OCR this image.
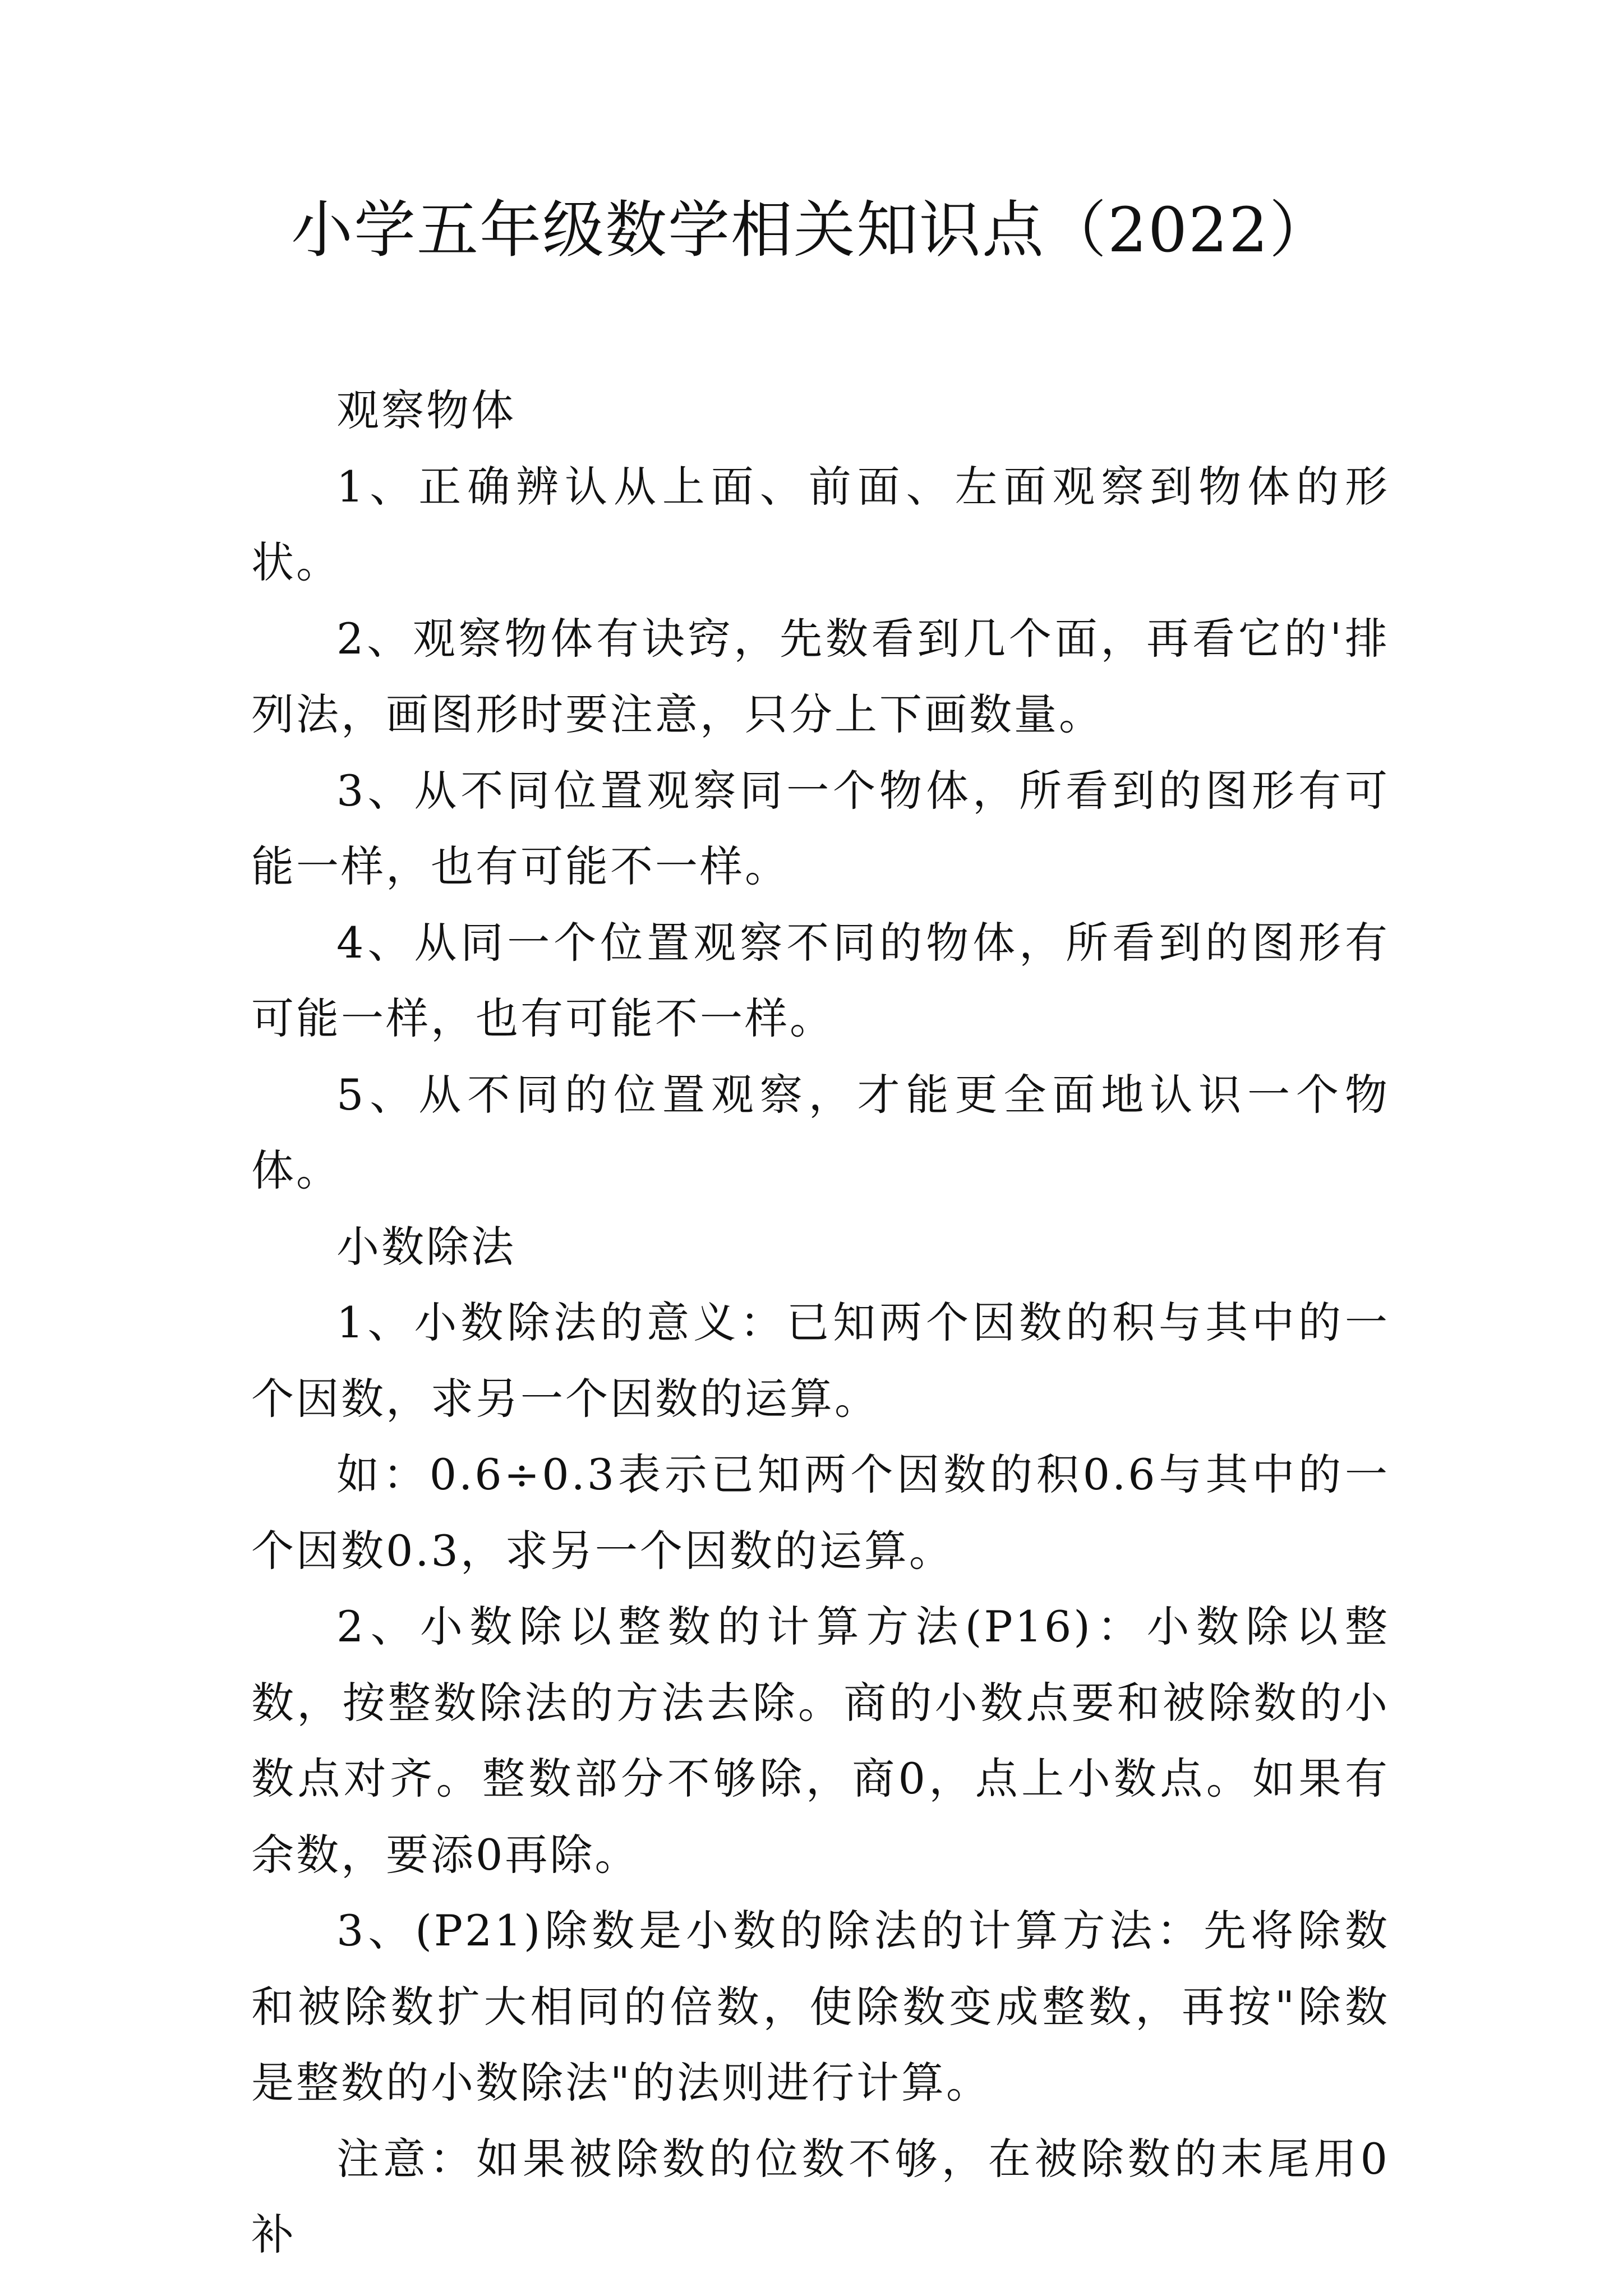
小学五年级数学相关知识点（2022）

观察物体

1、正确辨认从上面、前面、左面观察到物体的形状。

2、观察物体有诀窍，先数看到几个面，再看它的'排列法，画图形时要注意，只分上下画数量。

3、从不同位置观察同一个物体，所看到的图形有可能一样，也有可能不一样。

4、从同一个位置观察不同的物体，所看到的图形有可能一样，也有可能不一样。

5、从不同的位置观察，才能更全面地认识一个物体。

小数除法

1、小数除法的意义：已知两个因数的积与其中的一个因数，求另一个因数的运算。

如：0.6÷0.3表示已知两个因数的积0.6与其中的一个因数0.3，求另一个因数的运算。

2、小数除以整数的计算方法(P16)：小数除以整数，按整数除法的方法去除。商的小数点要和被除数的小数点对齐。整数部分不够除，商0，点上小数点。如果有余数，要添0再除。

3、(P21)除数是小数的除法的计算方法：先将除数和被除数扩大相同的倍数，使除数变成整数，再按"除数是整数的小数除法"的法则进行计算。

注意：如果被除数的位数不够，在被除数的末尾用0补
